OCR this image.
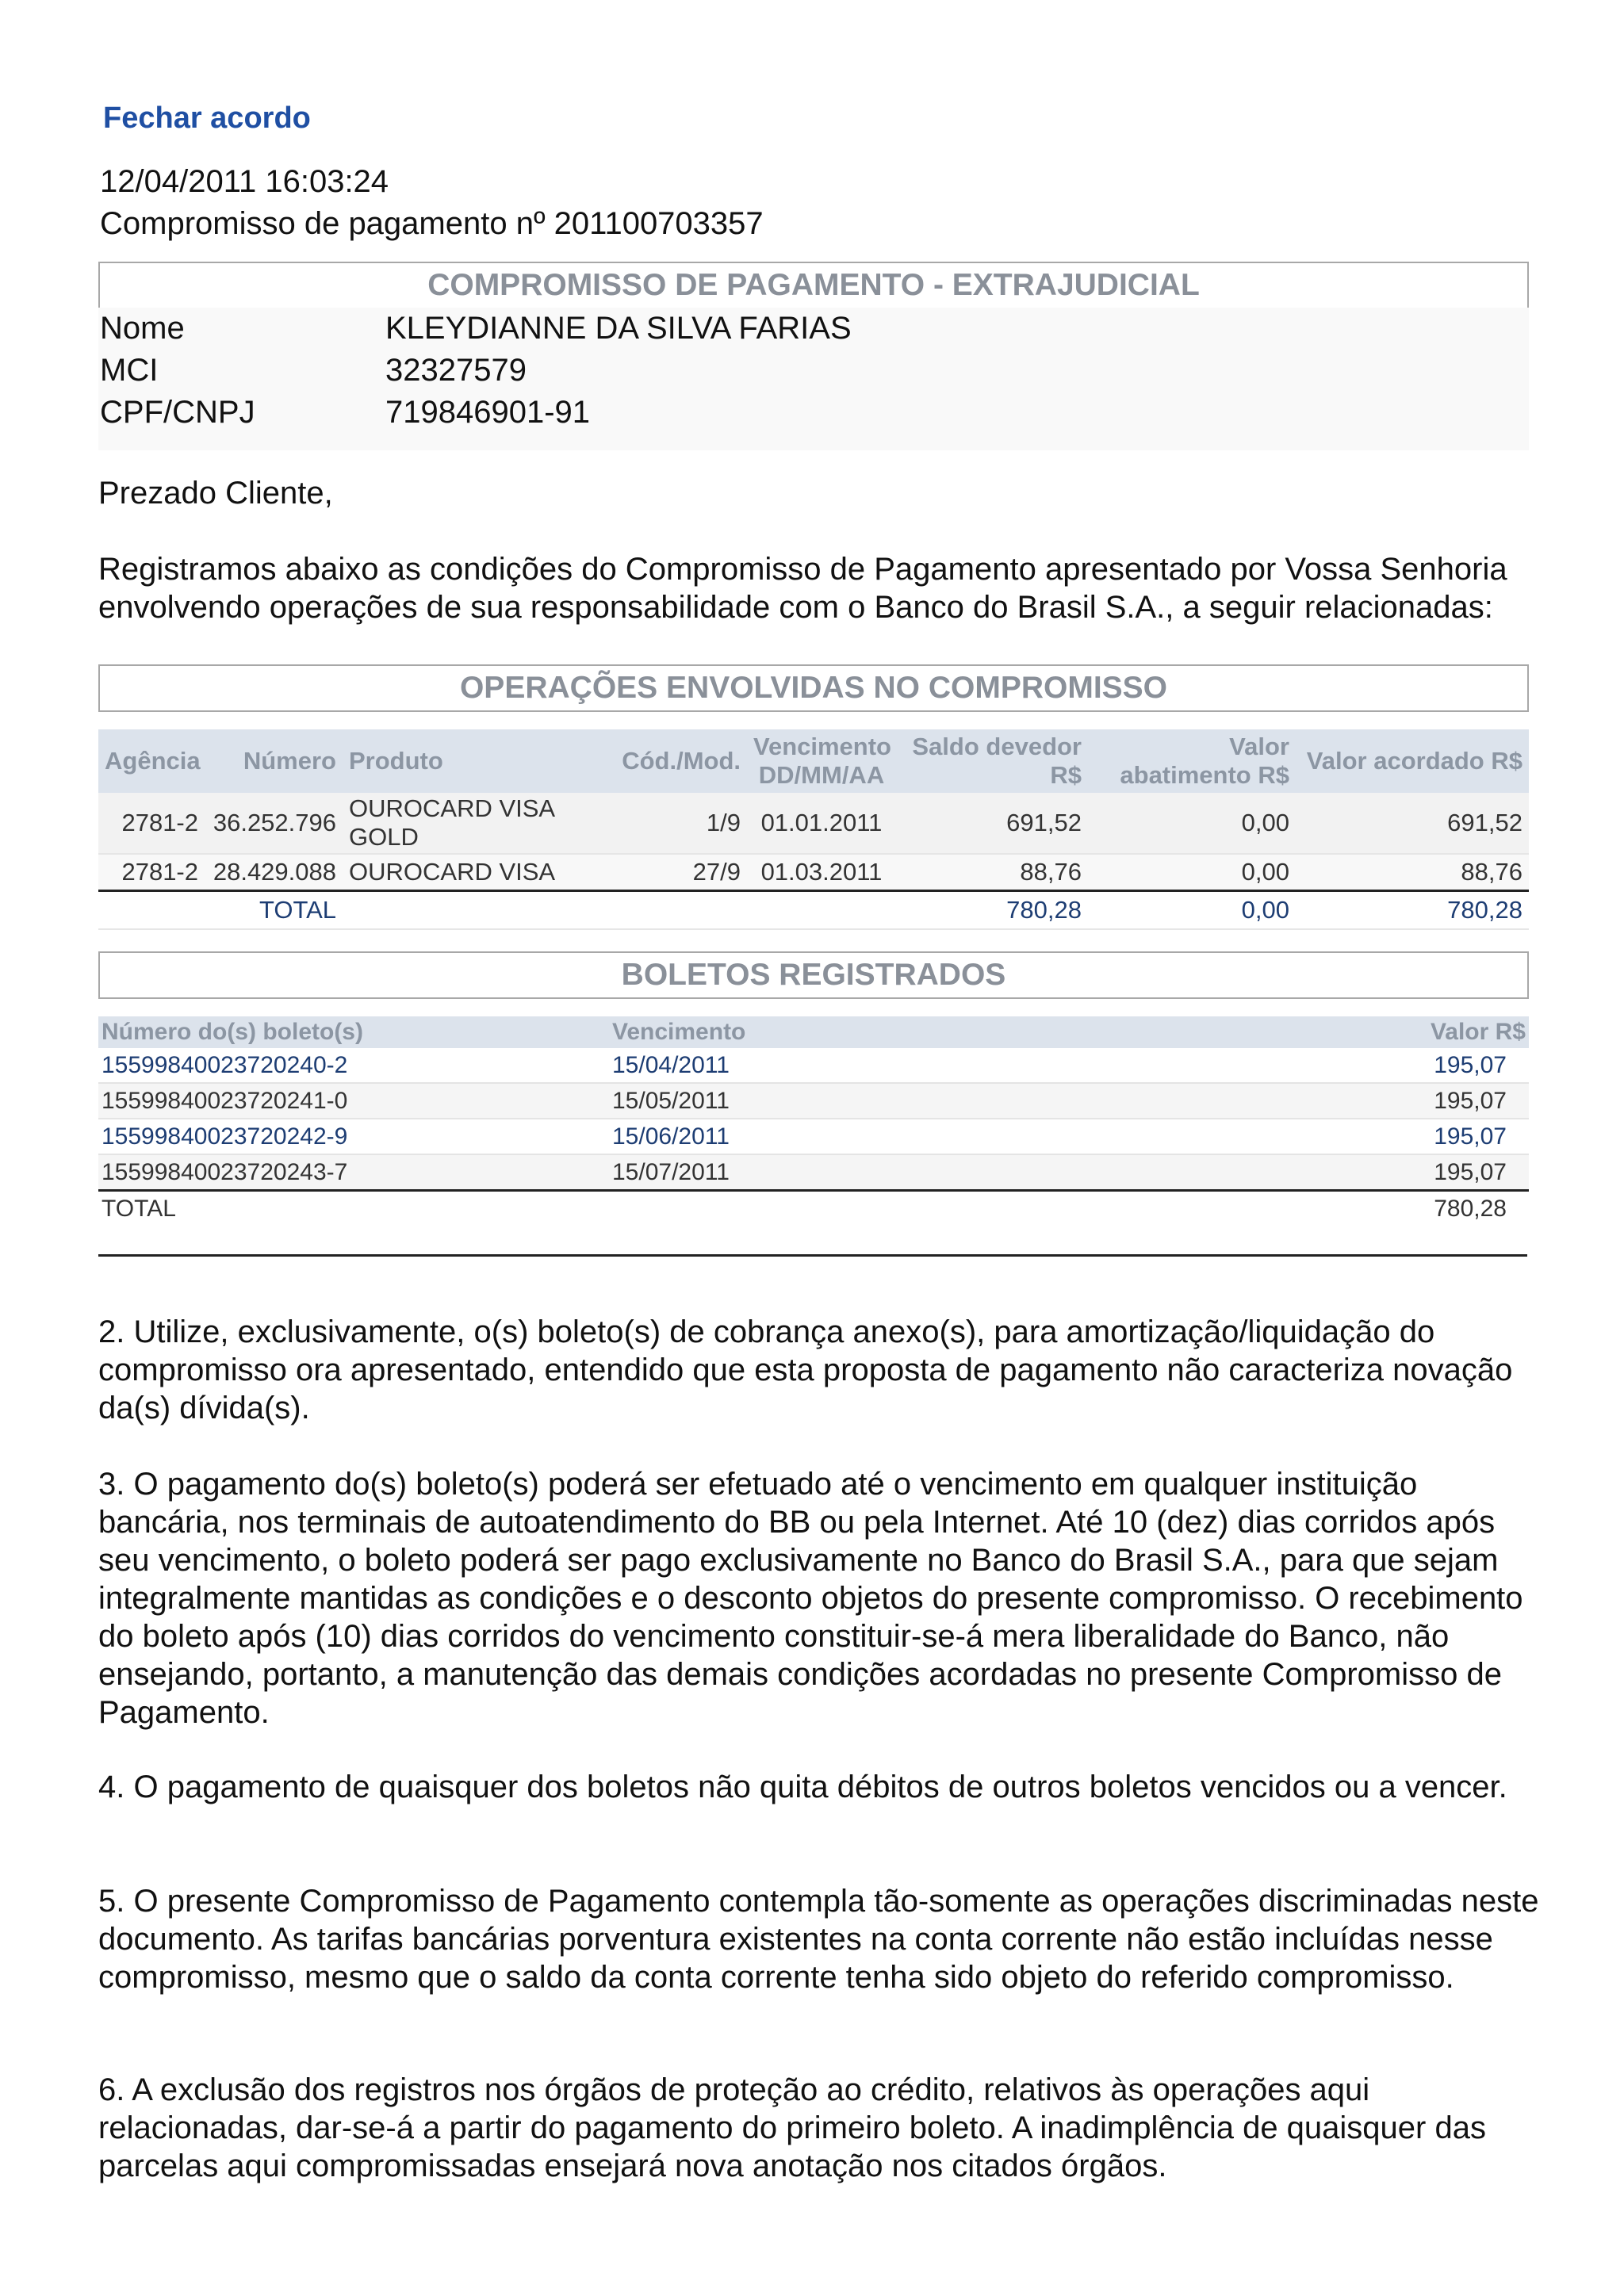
Fechar acordo
12/04/2011 16:03:24
Compromisso de pagamento nº 201100703357
COMPROMISSO DE PAGAMENTO - EXTRAJUDICIAL
Nome	KLEYDIANNE DA SILVA FARIAS
MCI	32327579
CPF/CNPJ	719846901-91
Prezado Cliente,
Registramos abaixo as condições do Compromisso de Pagamento apresentado por Vossa Senhoria envolvendo operações de sua responsabilidade com o Banco do Brasil S.A., a seguir relacionadas:
OPERAÇÕES ENVOLVIDAS NO COMPROMISSO
Agência	Número	Produto	Cód./Mod.	Vencimento DD/MM/AA	Saldo devedor R$	Valor abatimento R$	Valor acordado R$
2781-2	36.252.796	OUROCARD VISA GOLD	1/9	01.01.2011	691,52	0,00	691,52
2781-2	28.429.088	OUROCARD VISA	27/9	01.03.2011	88,76	0,00	88,76
	TOTAL				780,28	0,00	780,28
BOLETOS REGISTRADOS
Número do(s) boleto(s)	Vencimento	Valor R$
15599840023720240-2	15/04/2011	195,07
15599840023720241-0	15/05/2011	195,07
15599840023720242-9	15/06/2011	195,07
15599840023720243-7	15/07/2011	195,07
TOTAL		780,28
2. Utilize, exclusivamente, o(s) boleto(s) de cobrança anexo(s), para amortização/liquidação do compromisso ora apresentado, entendido que esta proposta de pagamento não caracteriza novação da(s) dívida(s).
3. O pagamento do(s) boleto(s) poderá ser efetuado até o vencimento em qualquer instituição bancária, nos terminais de autoatendimento do BB ou pela Internet. Até 10 (dez) dias corridos após seu vencimento, o boleto poderá ser pago exclusivamente no Banco do Brasil S.A., para que sejam integralmente mantidas as condições e o desconto objetos do presente compromisso. O recebimento do boleto após (10) dias corridos do vencimento constituir-se-á mera liberalidade do Banco, não ensejando, portanto, a manutenção das demais condições acordadas no presente Compromisso de Pagamento.
4. O pagamento de quaisquer dos boletos não quita débitos de outros boletos vencidos ou a vencer.
5. O presente Compromisso de Pagamento contempla tão-somente as operações discriminadas neste documento. As tarifas bancárias porventura existentes na conta corrente não estão incluídas nesse compromisso, mesmo que o saldo da conta corrente tenha sido objeto do referido compromisso.
6. A exclusão dos registros nos órgãos de proteção ao crédito, relativos às operações aqui relacionadas, dar-se-á a partir do pagamento do primeiro boleto. A inadimplência de quaisquer das parcelas aqui compromissadas ensejará nova anotação nos citados órgãos.
